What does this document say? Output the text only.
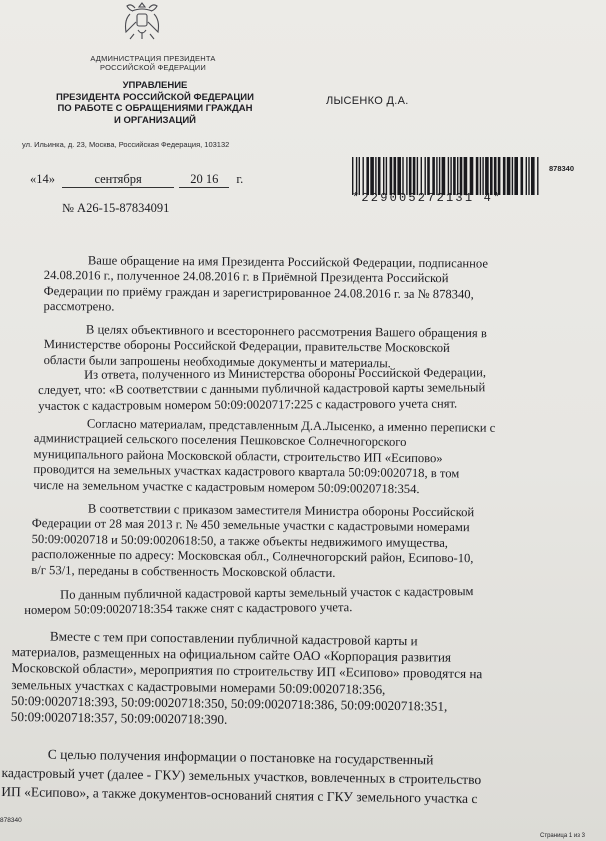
АДМИНИСТРАЦИЯ ПРЕЗИДЕНТА
РОССИЙСКОЙ ФЕДЕРАЦИИ
УПРАВЛЕНИЕ
ПРЕЗИДЕНТА РОССИЙСКОЙ ФЕДЕРАЦИИ
ПО РАБОТЕ С ОБРАЩЕНИЯМИ ГРАЖДАН
И ОРГАНИЗАЦИЙ
ул. Ильинка, д. 23, Москва, Российская Федерация, 103132
ЛЫСЕНКО Д.А.
*229005272131 4*
878340
«14»	сентября	20 16 г.
№ А26-15-87834091
Ваше обращение на имя Президента Российской Федерации, подписанное
24.08.2016 г., полученное 24.08.2016 г. в Приёмной Президента Российской
Федерации по приёму граждан и зарегистрированное 24.08.2016 г. за № 878340,
рассмотрено.
В целях объективного и всестороннего рассмотрения Вашего обращения в
Министерстве обороны Российской Федерации, правительстве Московской
области были запрошены необходимые документы и материалы.
Из ответа, полученного из Министерства обороны Российской Федерации,
следует, что: «В соответствии с данными публичной кадастровой карты земельный
участок с кадастровым номером 50:09:0020717:225 с кадастрового учета снят.
Согласно материалам, представленным Д.А.Лысенко, а именно переписки с
администрацией сельского поселения Пешковское Солнечногорского
муниципального района Московской области, строительство ИП «Есипово»
проводится на земельных участках кадастрового квартала 50:09:0020718, в том
числе на земельном участке с кадастровым номером 50:09:0020718:354.
В соответствии с приказом заместителя Министра обороны Российской
Федерации от 28 мая 2013 г. № 450 земельные участки с кадастровыми номерами
50:09:0020718 и 50:09:0020618:50, а также объекты недвижимого имущества,
расположенные по адресу: Московская обл., Солнечногорский район, Есипово-10,
в/г 53/1, переданы в собственность Московской области.
По данным публичной кадастровой карты земельный участок с кадастровым
номером 50:09:0020718:354 также снят с кадастрового учета.
Вместе с тем при сопоставлении публичной кадастровой карты и
материалов, размещенных на официальном сайте ОАО «Корпорация развития
Московской области», мероприятия по строительству ИП «Есипово» проводятся на
земельных участках с кадастровыми номерами 50:09:0020718:356,
50:09:0020718:393, 50:09:0020718:350, 50:09:0020718:386, 50:09:0020718:351,
50:09:0020718:357, 50:09:0020718:390.
С целью получения информации о постановке на государственный
кадастровый учет (далее - ГКУ) земельных участков, вовлеченных в строительство
ИП «Есипово», а также документов-оснований снятия с ГКУ земельного участка с
878340
Страница 1 из 3
